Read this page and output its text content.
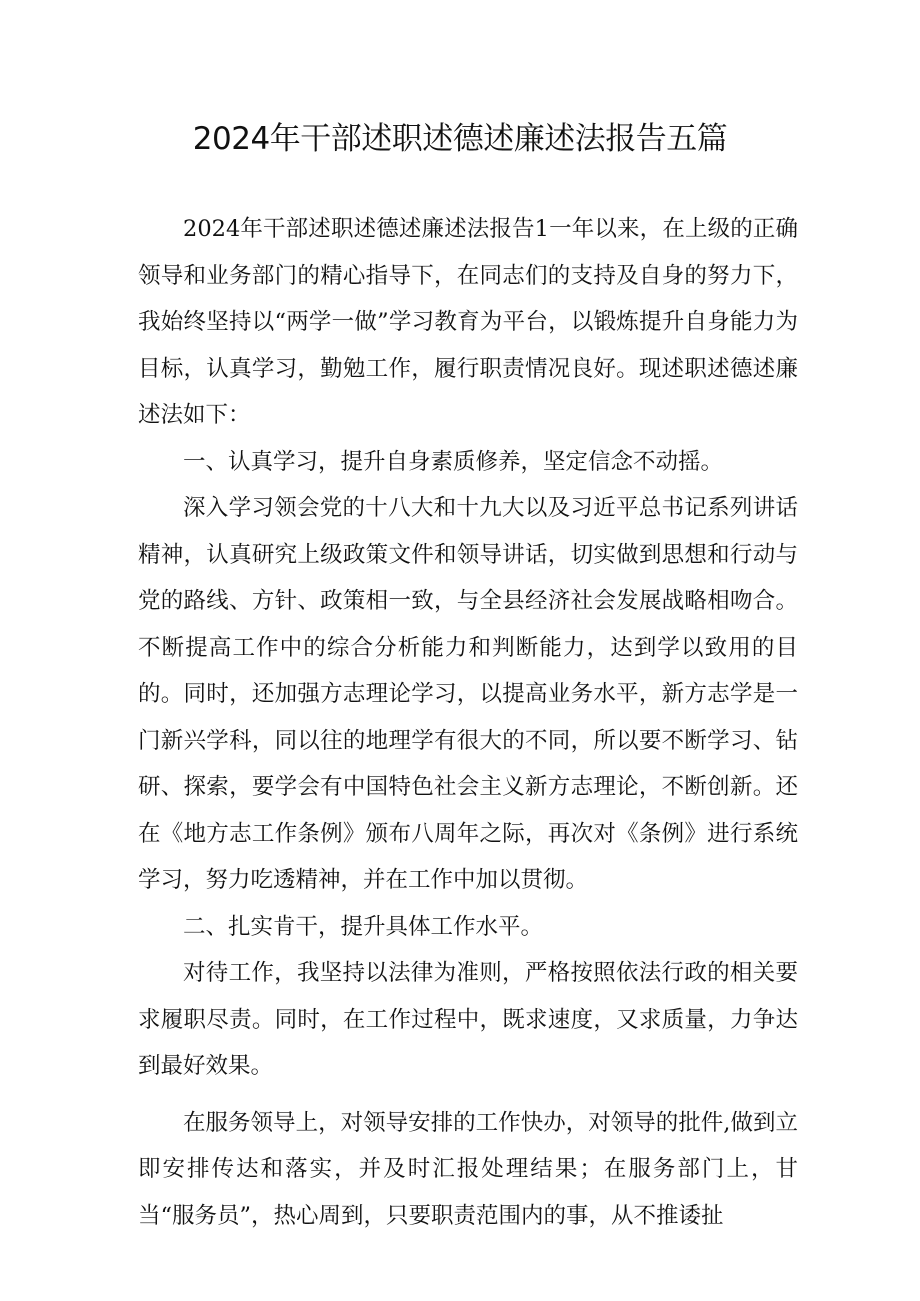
2024年干部述职述德述廉述法报告五篇

2024年干部述职述德述廉述法报告1一年以来，在上级的正确领导和业务部门的精心指导下，在同志们的支持及自身的努力下，我始终坚持以“两学一做”学习教育为平台，以锻炼提升自身能力为目标，认真学习，勤勉工作，履行职责情况良好。现述职述德述廉述法如下：

一、认真学习，提升自身素质修养，坚定信念不动摇。

深入学习领会党的十八大和十九大以及习近平总书记系列讲话精神，认真研究上级政策文件和领导讲话，切实做到思想和行动与党的路线、方针、政策相一致，与全县经济社会发展战略相吻合。不断提高工作中的综合分析能力和判断能力，达到学以致用的目的。同时，还加强方志理论学习，以提高业务水平，新方志学是一门新兴学科，同以往的地理学有很大的不同，所以要不断学习、钻研、探索，要学会有中国特色社会主义新方志理论，不断创新。还在《地方志工作条例》颁布八周年之际，再次对《条例》进行系统学习，努力吃透精神，并在工作中加以贯彻。

二、扎实肯干，提升具体工作水平。

对待工作，我坚持以法律为准则，严格按照依法行政的相关要求履职尽责。同时，在工作过程中，既求速度，又求质量，力争达到最好效果。

在服务领导上，对领导安排的工作快办，对领导的批件,做到立即安排传达和落实，并及时汇报处理结果；在服务部门上，甘当“服务员”，热心周到，只要职责范围内的事，从不推诿扯
